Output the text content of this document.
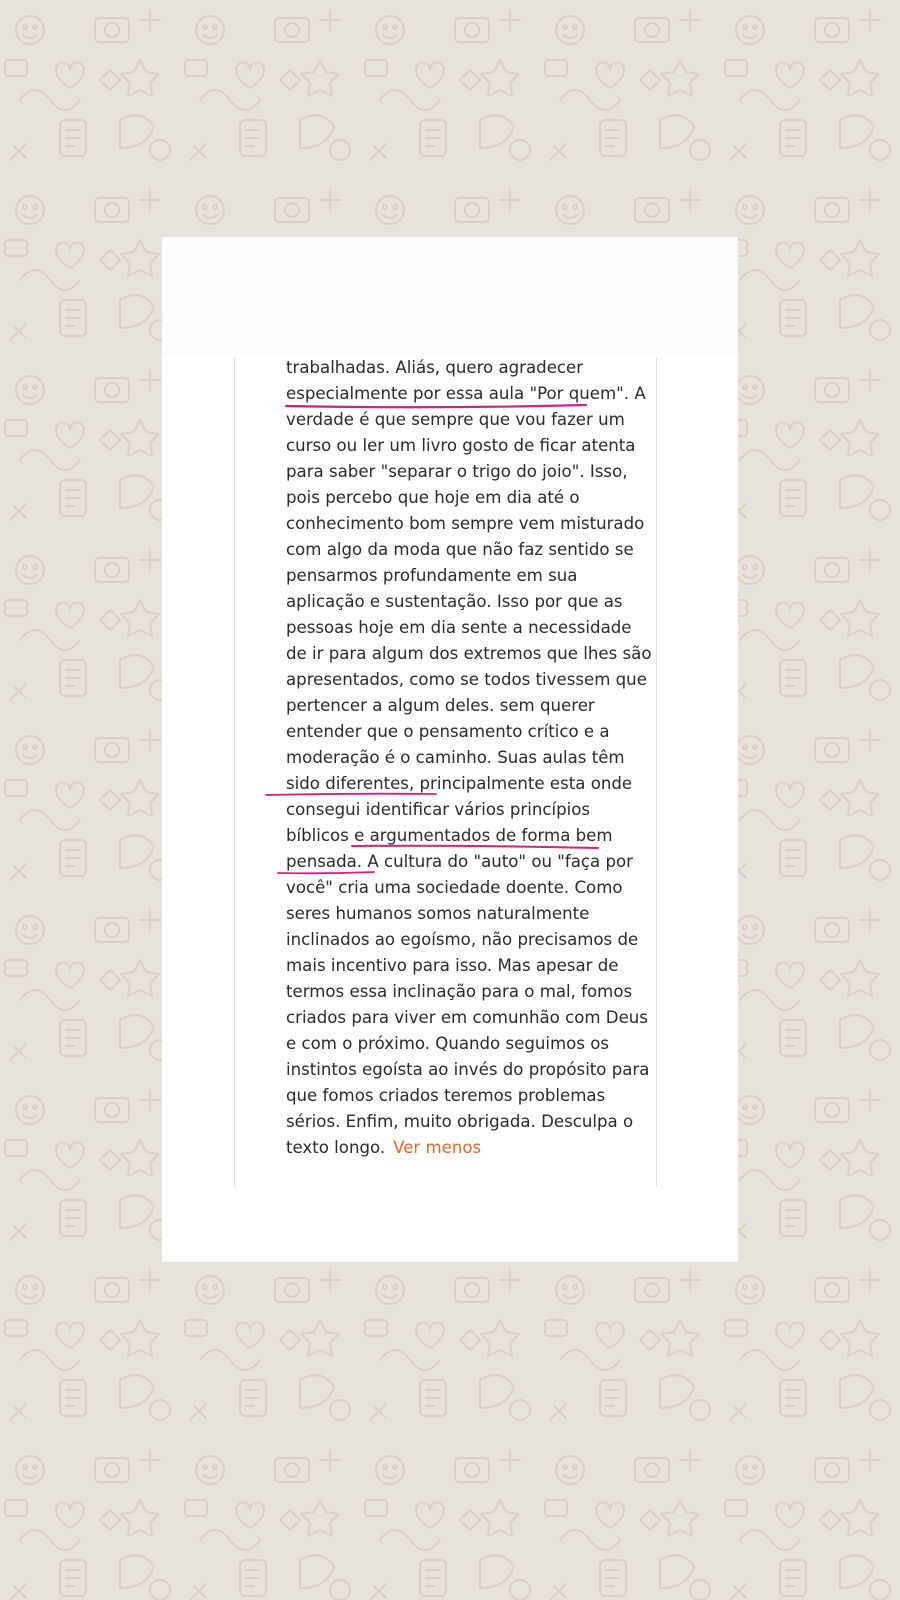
trabalhadas. Aliás, quero agradecer
especialmente por essa aula "Por quem". A
verdade é que sempre que vou fazer um
curso ou ler um livro gosto de ficar atenta
para saber "separar o trigo do joio". Isso,
pois percebo que hoje em dia até o
conhecimento bom sempre vem misturado
com algo da moda que não faz sentido se
pensarmos profundamente em sua
aplicação e sustentação. Isso por que as
pessoas hoje em dia sente a necessidade
de ir para algum dos extremos que lhes são
apresentados, como se todos tivessem que
pertencer a algum deles. sem querer
entender que o pensamento crítico e a
moderação é o caminho. Suas aulas têm
sido diferentes, principalmente esta onde
consegui identificar vários princípios
bíblicos e argumentados de forma bem
pensada. A cultura do "auto" ou "faça por
você" cria uma sociedade doente. Como
seres humanos somos naturalmente
inclinados ao egoísmo, não precisamos de
mais incentivo para isso. Mas apesar de
termos essa inclinação para o mal, fomos
criados para viver em comunhão com Deus
e com o próximo. Quando seguimos os
instintos egoísta ao invés do propósito para
que fomos criados teremos problemas
sérios. Enfim, muito obrigada. Desculpa o
texto longo. Ver menos
